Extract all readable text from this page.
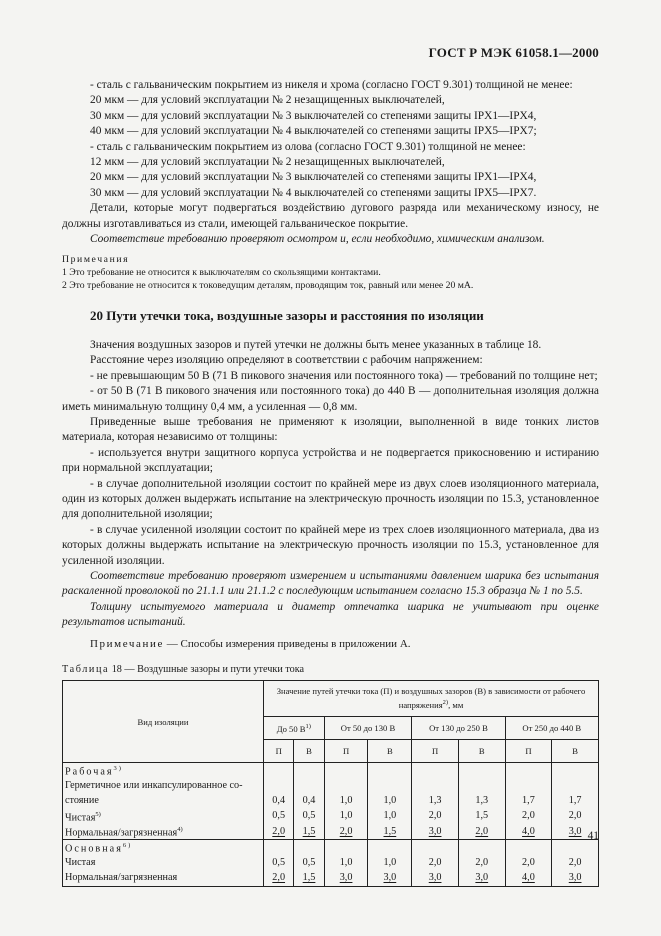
ГОСТ Р МЭК 61058.1—2000

- сталь с гальваническим покрытием из никеля и хрома (согласно ГОСТ 9.301) толщиной не менее:

20 мкм — для условий эксплуатации № 2 незащищенных выключателей,

30 мкм — для условий эксплуатации № 3 выключателей со степенями защиты IPX1—IPX4,

40 мкм — для условий эксплуатации № 4 выключателей со степенями защиты IPX5—IPX7;

- сталь с гальваническим покрытием из олова (согласно ГОСТ 9.301) толщиной не менее:

12 мкм — для условий эксплуатации № 2 незащищенных выключателей,

20 мкм — для условий эксплуатации № 3 выключателей со степенями защиты IPX1—IPX4,

30 мкм — для условий эксплуатации № 4 выключателей со степенями защиты IPX5—IPX7.

Детали, которые могут подвергаться воздействию дугового разряда или механическому износу, не должны изготавливаться из стали, имеющей гальваническое покрытие.

Соответствие требованию проверяют осмотром и, если необходимо, химическим анализом.

Примечания
1 Это требование не относится к выключателям со скользящими контактами.
2 Это требование не относится к токоведущим деталям, проводящим ток, равный или менее 20 мА.
20 Пути утечки тока, воздушные зазоры и расстояния по изоляции

Значения воздушных зазоров и путей утечки не должны быть менее указанных в таблице 18.

Расстояние через изоляцию определяют в соответствии с рабочим напряжением:

- не превышающим 50 В (71 В пикового значения или постоянного тока) — требований по толщине нет;

- от 50 В (71 В пикового значения или постоянного тока) до 440 В — дополнительная изоляция должна иметь минимальную толщину 0,4 мм, а усиленная — 0,8 мм.

Приведенные выше требования не применяют к изоляции, выполненной в виде тонких листов материала, которая независимо от толщины:

- используется внутри защитного корпуса устройства и не подвергается прикосновению и истиранию при нормальной эксплуатации;

- в случае дополнительной изоляции состоит по крайней мере из двух слоев изоляционного материала, один из которых должен выдержать испытание на электрическую прочность изоляции по 15.3, установленное для дополнительной изоляции;

- в случае усиленной изоляции состоит по крайней мере из трех слоев изоляционного материала, два из которых должны выдержать испытание на электрическую прочность изоляции по 15.3, установленное для усиленной изоляции.

Соответствие требованию проверяют измерением и испытаниями давлением шарика без испытания раскаленной проволокой по 21.1.1 или 21.1.2 с последующим испытанием согласно 15.3 образца № 1 по 5.5.

Толщину испытуемого материала и диаметр отпечатка шарика не учитывают при оценке результатов испытаний.

Примечание — Способы измерения приведены в приложении А.

Таблица 18 — Воздушные зазоры и пути утечки тока
Вид изоляции	Значение путей утечки тока (П) и воздушных зазоров (В) в зависимости от рабочего напряжения$^{2)}$, мм							
	До 50 $В^{1)}$		От 50 до 130 В		От 130 до 250 В		От 250 до 440 В	
	П	В	П	В	П	В	П	В
Рабочая$^{3)}$								
Герметичное или инкапсулированное со-								
стояние	0,4	0,4	1,0	1,0	1,3	1,3	1,7	1,7
Чистая$^{5)}$	0,5	0,5	1,0	1,0	2,0	1,5	2,0	2,0
Нормальная/загрязненная$^{4)}$	2,0	1,5	2,0	1,5	3,0	2,0	4,0	3,0
Основная$^{6)}$								
Чистая	0,5	0,5	1,0	1,0	2,0	2,0	2,0	2,0
Нормальная/загрязненная	2,0	1,5	3,0	3,0	3,0	3,0	4,0	3,0
41
